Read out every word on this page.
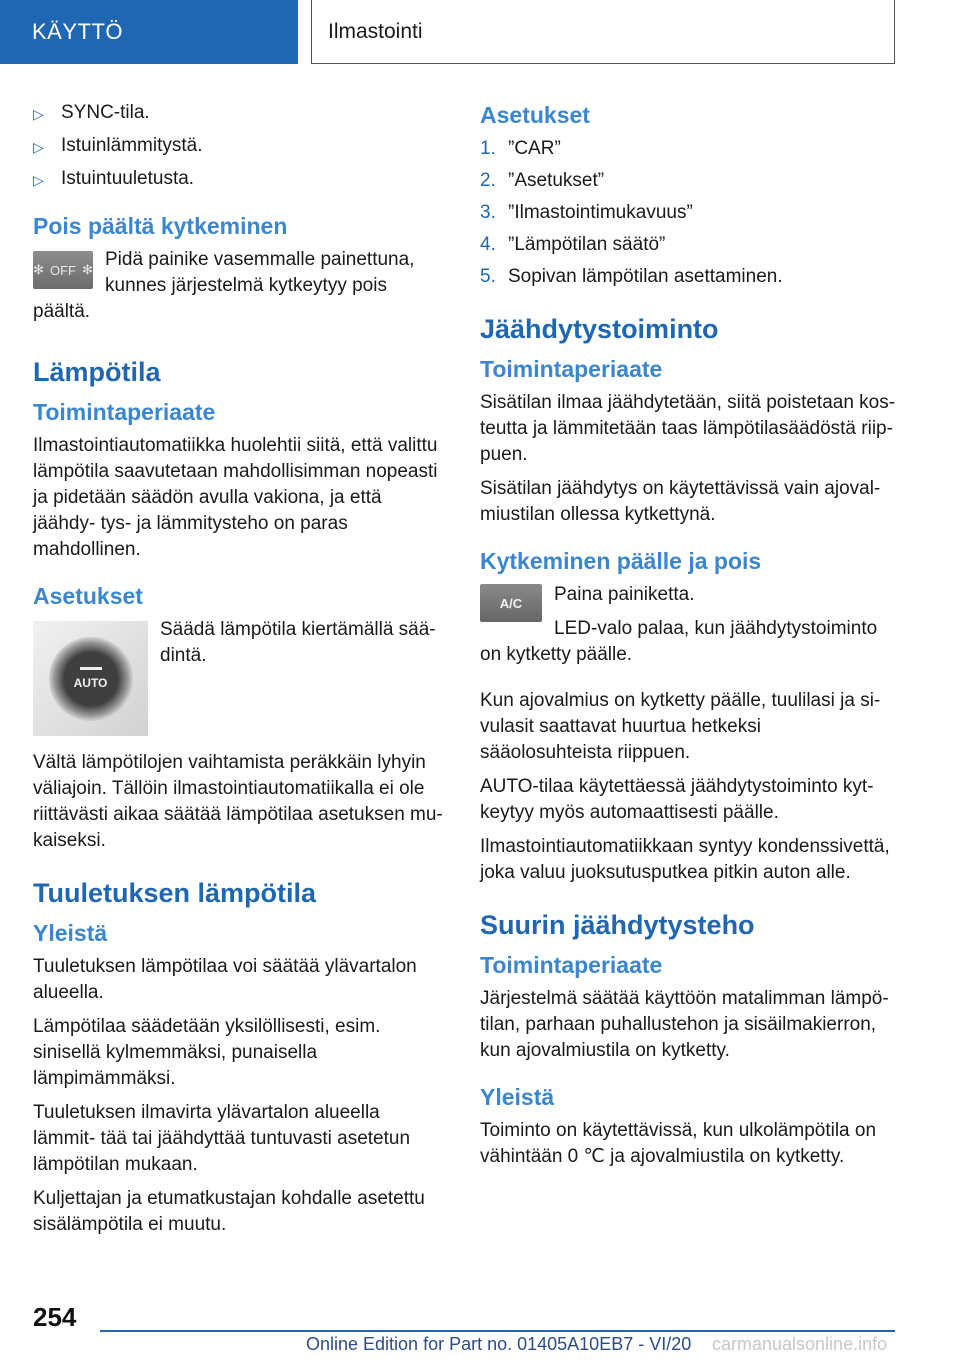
KÄYTTÖ	Ilmastointi
▷ SYNC-tila.
▷ Istuinlämmitystä.
▷ Istuintuuletusta.
Pois päältä kytkeminen
✻ OFF ✻ Pidä painike vasemmalle painettuna, kunnes järjestelmä kytkeytyy pois päältä.

Lämpötila
Toimintaperiaate

Ilmastointiautomatiikka huolehtii siitä, että valittu lämpötila saavutetaan mahdollisimman nopeasti ja pidetään säädön avulla vakiona, ja että jäähdy- tys- ja lämmitysteho on paras mahdollinen.

Asetukset
AUTO

Säädä lämpötila kiertämällä sää- dintä.

Vältä lämpötilojen vaihtamista peräkkäin lyhyin väliajoin. Tällöin ilmastointiautomatiikalla ei ole riittävästi aikaa säätää lämpötilaa asetuksen mu- kaiseksi.

Tuuletuksen lämpötila
Yleistä

Tuuletuksen lämpötilaa voi säätää ylävartalon alueella.

Lämpötilaa säädetään yksilöllisesti, esim. sinisellä kylmemmäksi, punaisella lämpimämmäksi.

Tuuletuksen ilmavirta ylävartalon alueella lämmit- tää tai jäähdyttää tuntuvasti asetetun lämpötilan mukaan.

Kuljettajan ja etumatkustajan kohdalle asetettu sisälämpötila ei muutu.

Asetukset
1. ”CAR”
2. ”Asetukset”
3. ”Ilmastointimukavuus”
4. ”Lämpötilan säätö”
5. Sopivan lämpötilan asettaminen.
Jäähdytystoiminto
Toimintaperiaate

Sisätilan ilmaa jäähdytetään, siitä poistetaan kos- teutta ja lämmitetään taas lämpötilasäädöstä riip- puen.

Sisätilan jäähdytys on käytettävissä vain ajoval- miustilan ollessa kytkettynä.

Kytkeminen päälle ja pois
A/C	Paina painiketta.

LED-valo palaa, kun jäähdytystoiminto on kytketty päälle.

Kun ajovalmius on kytketty päälle, tuulilasi ja si- vulasit saattavat huurtua hetkeksi sääolosuhteista riippuen.

AUTO-tilaa käytettäessä jäähdytystoiminto kyt- keytyy myös automaattisesti päälle.

Ilmastointiautomatiikkaan syntyy kondenssivettä, joka valuu juoksutusputkea pitkin auton alle.

Suurin jäähdytysteho
Toimintaperiaate

Järjestelmä säätää käyttöön matalimman lämpö- tilan, parhaan puhallustehon ja sisäilmakierron, kun ajovalmiustila on kytketty.

Yleistä

Toiminto on käytettävissä, kun ulkolämpötila on vähintään 0 ℃ ja ajovalmiustila on kytketty.

254
Online Edition for Part no. 01405A10EB7 - VI/20 carmanualsonline.info
